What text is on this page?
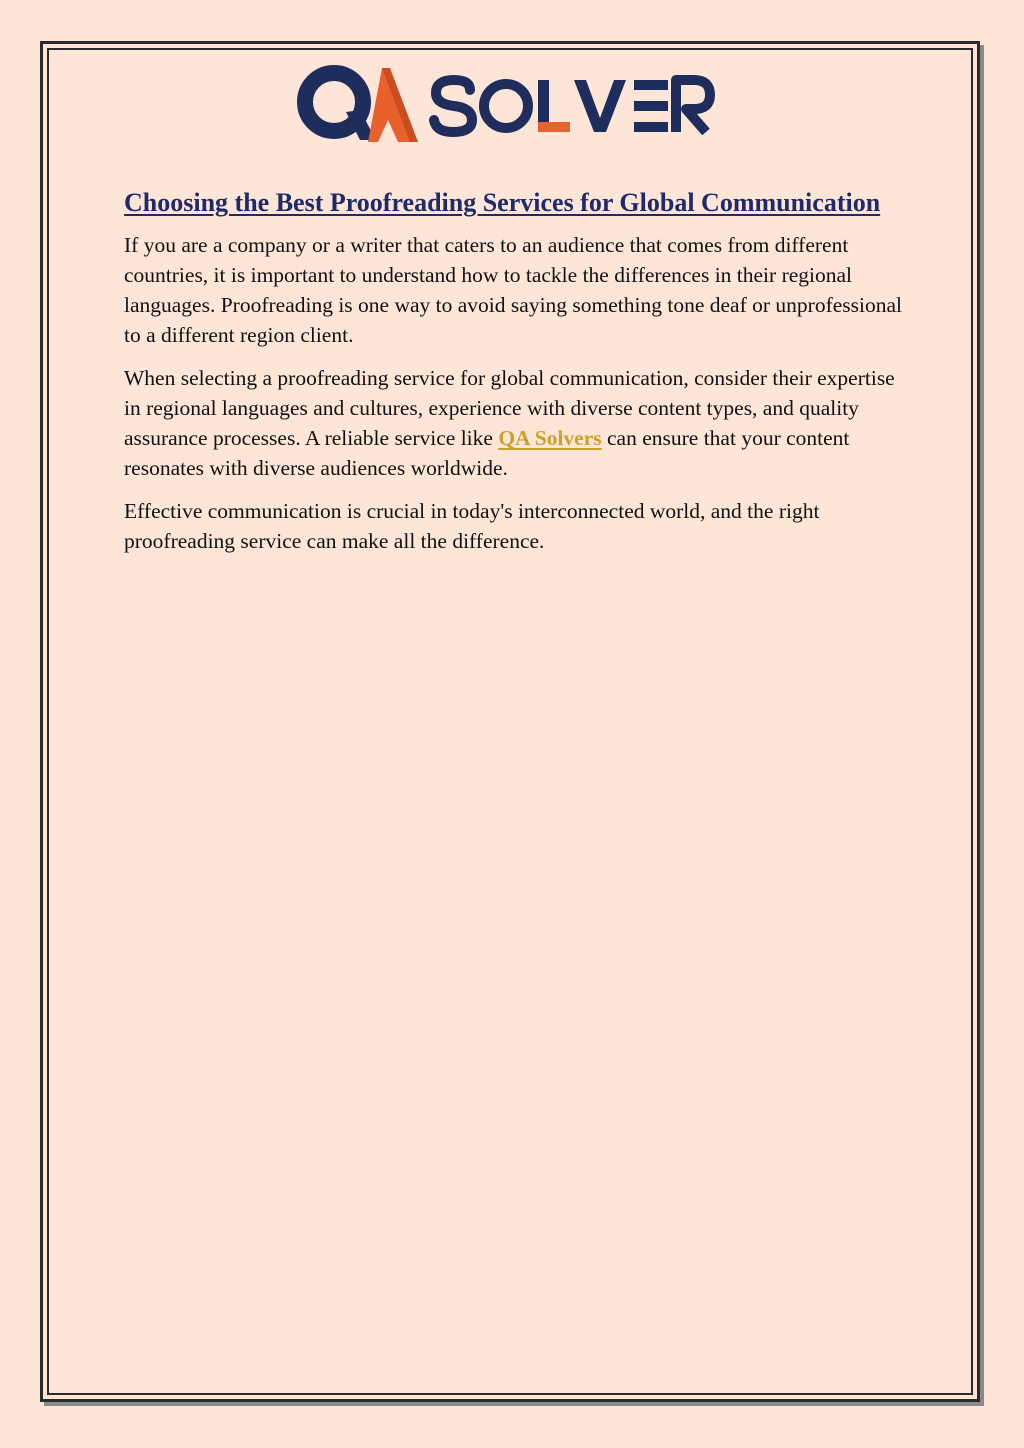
Choosing the Best Proofreading Services for Global Communication

If you are a company or a writer that caters to an audience that comes from different countries, it is important to understand how to tackle the differences in their regional languages. Proofreading is one way to avoid saying something tone deaf or unprofessional to a different region client.

When selecting a proofreading service for global communication, consider their expertise in regional languages and cultures, experience with diverse content types, and quality assurance processes. A reliable service like QA Solvers can ensure that your content resonates with diverse audiences worldwide.

Effective communication is crucial in today's interconnected world, and the right proofreading service can make all the difference.
